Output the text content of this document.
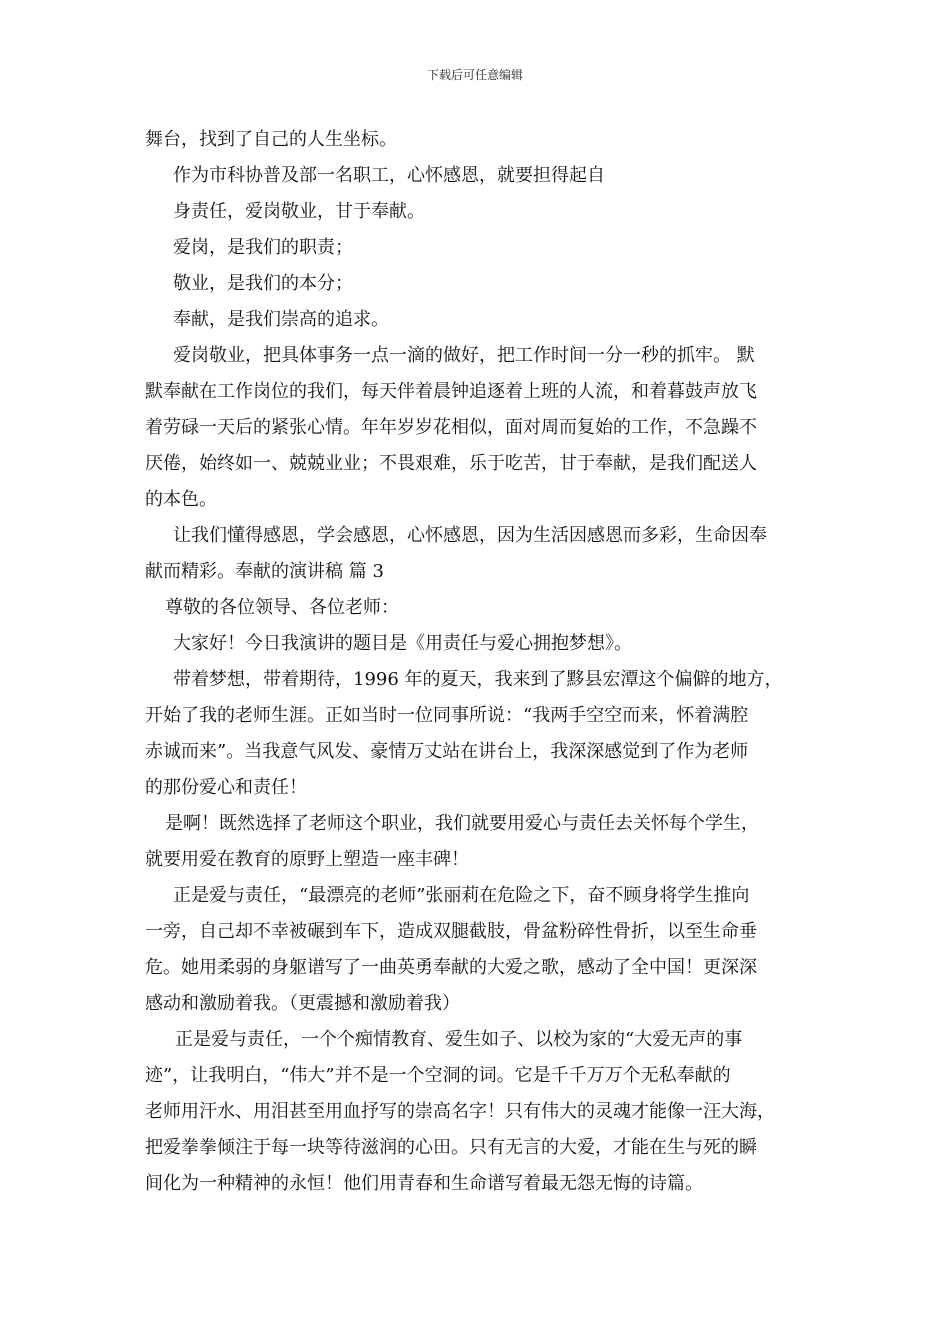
下载后可任意编辑
舞台，找到了自己的人生坐标。
作为市科协普及部一名职工，心怀感恩，就要担得起自
身责任，爱岗敬业，甘于奉献。
爱岗，是我们的职责；
敬业，是我们的本分；
奉献，是我们崇高的追求。
爱岗敬业，把具体事务一点一滴的做好，把工作时间一分一秒的抓牢。 默
默奉献在工作岗位的我们，每天伴着晨钟追逐着上班的人流，和着暮鼓声放飞
着劳碌一天后的紧张心情。年年岁岁花相似，面对周而复始的工作，不急躁不
厌倦，始终如一、兢兢业业；不畏艰难，乐于吃苦，甘于奉献，是我们配送人
的本色。
让我们懂得感恩，学会感恩，心怀感恩，因为生活因感恩而多彩，生命因奉
献而精彩。奉献的演讲稿 篇 3
尊敬的各位领导、各位老师：
大家好！今日我演讲的题目是《用责任与爱心拥抱梦想》。
带着梦想，带着期待，1996 年的夏天，我来到了黟县宏潭这个偏僻的地方，
开始了我的老师生涯。正如当时一位同事所说：“我两手空空而来，怀着满腔
赤诚而来”。当我意气风发、豪情万丈站在讲台上，我深深感觉到了作为老师
的那份爱心和责任！
是啊！既然选择了老师这个职业，我们就要用爱心与责任去关怀每个学生，
就要用爱在教育的原野上塑造一座丰碑！
正是爱与责任，“最漂亮的老师”张丽莉在危险之下，奋不顾身将学生推向
一旁，自己却不幸被碾到车下，造成双腿截肢，骨盆粉碎性骨折，以至生命垂
危。她用柔弱的身躯谱写了一曲英勇奉献的大爱之歌，感动了全中国！更深深
感动和激励着我。（更震撼和激励着我）
正是爱与责任，一个个痴情教育、爱生如子、以校为家的“大爱无声的事
迹”，让我明白，“伟大”并不是一个空洞的词。它是千千万万个无私奉献的
老师用汗水、用泪甚至用血抒写的崇高名字！只有伟大的灵魂才能像一汪大海，
把爱拳拳倾注于每一块等待滋润的心田。只有无言的大爱，才能在生与死的瞬
间化为一种精神的永恒！他们用青春和生命谱写着最无怨无悔的诗篇。
